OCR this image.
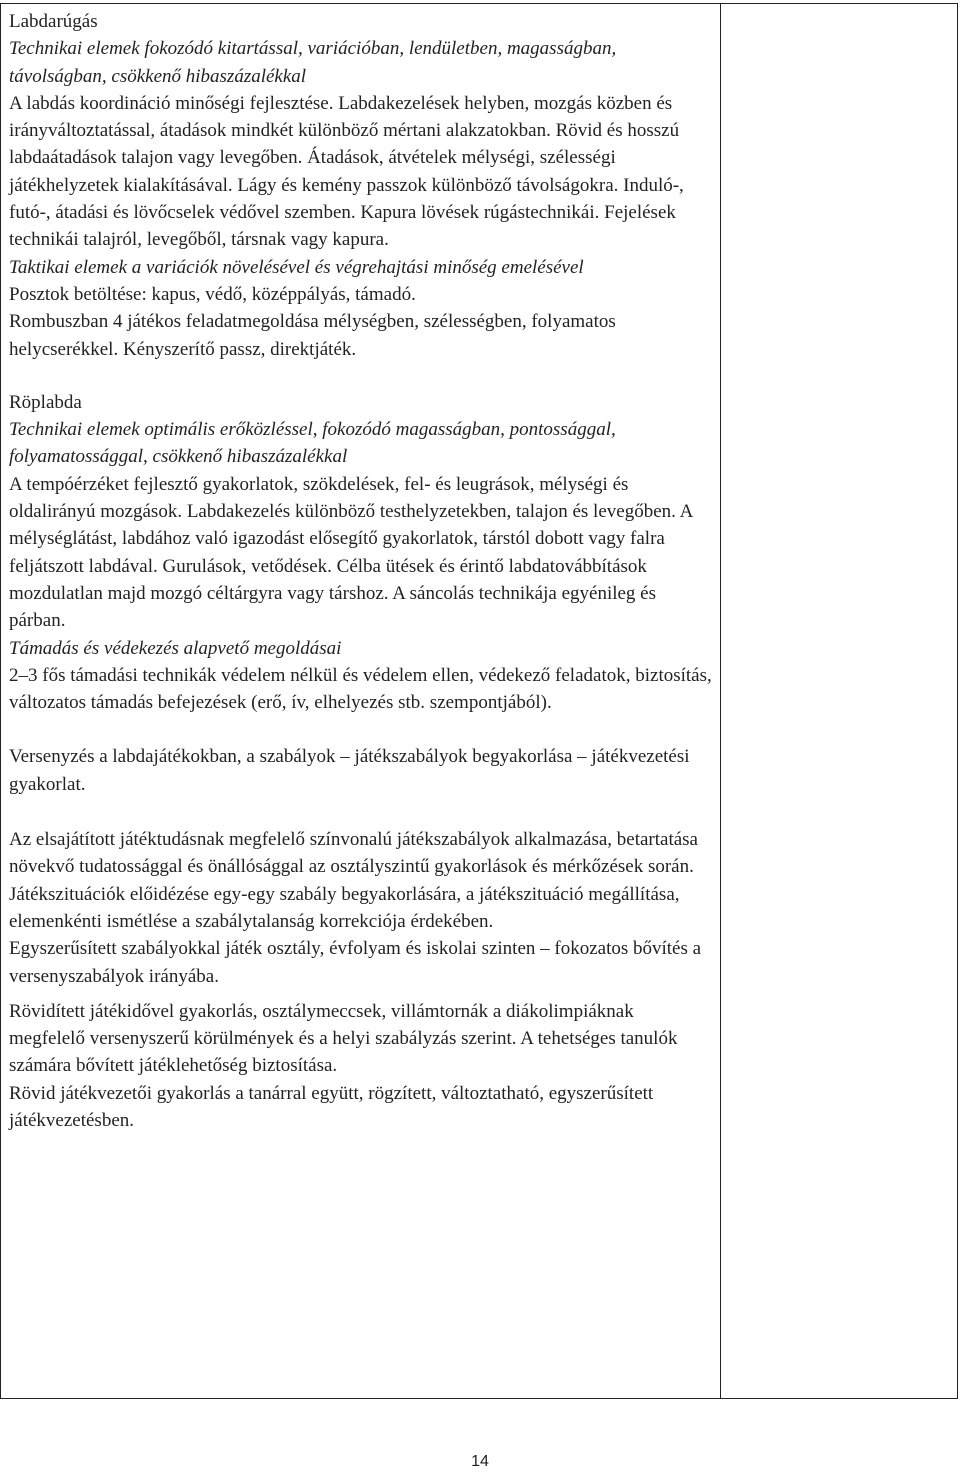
Labdarúgás

Technikai elemek fokozódó kitartással, variációban, lendületben, magasságban, távolságban, csökkenő hibaszázalékkal

A labdás koordináció minőségi fejlesztése. Labdakezelések helyben, mozgás közben és irányváltoztatással, átadások mindkét különböző mértani alakzatokban. Rövid és hosszú labdaátadások talajon vagy levegőben. Átadások, átvételek mélységi, szélességi játékhelyzetek kialakításával. Lágy és kemény passzok különböző távolságokra. Induló-, futó-, átadási és lövőcselek védővel szemben. Kapura lövések rúgástechnikái. Fejelések technikái talajról, levegőből, társnak vagy kapura.

Taktikai elemek a variációk növelésével és végrehajtási minőség emelésével

Posztok betöltése: kapus, védő, középpályás, támadó.

Rombuszban 4 játékos feladatmegoldása mélységben, szélességben, folyamatos helycserékkel. Kényszerítő passz, direktjáték.

Röplabda

Technikai elemek optimális erőközléssel, fokozódó magasságban, pontossággal, folyamatossággal, csökkenő hibaszázalékkal

A tempóérzéket fejlesztő gyakorlatok, szökdelések, fel- és leugrások, mélységi és oldalirányú mozgások. Labdakezelés különböző testhelyzetekben, talajon és levegőben. A mélységlátást, labdához való igazodást elősegítő gyakorlatok, társtól dobott vagy falra feljátszott labdával. Gurulások, vetődések. Célba ütések és érintő labdatovábbítások mozdulatlan majd mozgó céltárgyra vagy társhoz. A sáncolás technikája egyénileg és párban.

Támadás és védekezés alapvető megoldásai

2–3 fős támadási technikák védelem nélkül és védelem ellen, védekező feladatok, biztosítás, változatos támadás befejezések (erő, ív, elhelyezés stb. szempontjából).

Versenyzés a labdajátékokban, a szabályok – játékszabályok begyakorlása – játékvezetési gyakorlat.

Az elsajátított játéktudásnak megfelelő színvonalú játékszabályok alkalmazása, betartatása növekvő tudatossággal és önállósággal az osztályszintű gyakorlások és mérkőzések során.

Játékszituációk előidézése egy-egy szabály begyakorlására, a játékszituáció megállítása, elemenkénti ismétlése a szabálytalanság korrekciója érdekében.

Egyszerűsített szabályokkal játék osztály, évfolyam és iskolai szinten – fokozatos bővítés a versenyszabályok irányába.

Rövidített játékidővel gyakorlás, osztálymeccsek, villámtornák a diákolimpiáknak megfelelő versenyszerű körülmények és a helyi szabályzás szerint. A tehetséges tanulók számára bővített játéklehetőség biztosítása.

Rövid játékvezetői gyakorlás a tanárral együtt, rögzített, változtatható, egyszerűsített játékvezetésben.

14
